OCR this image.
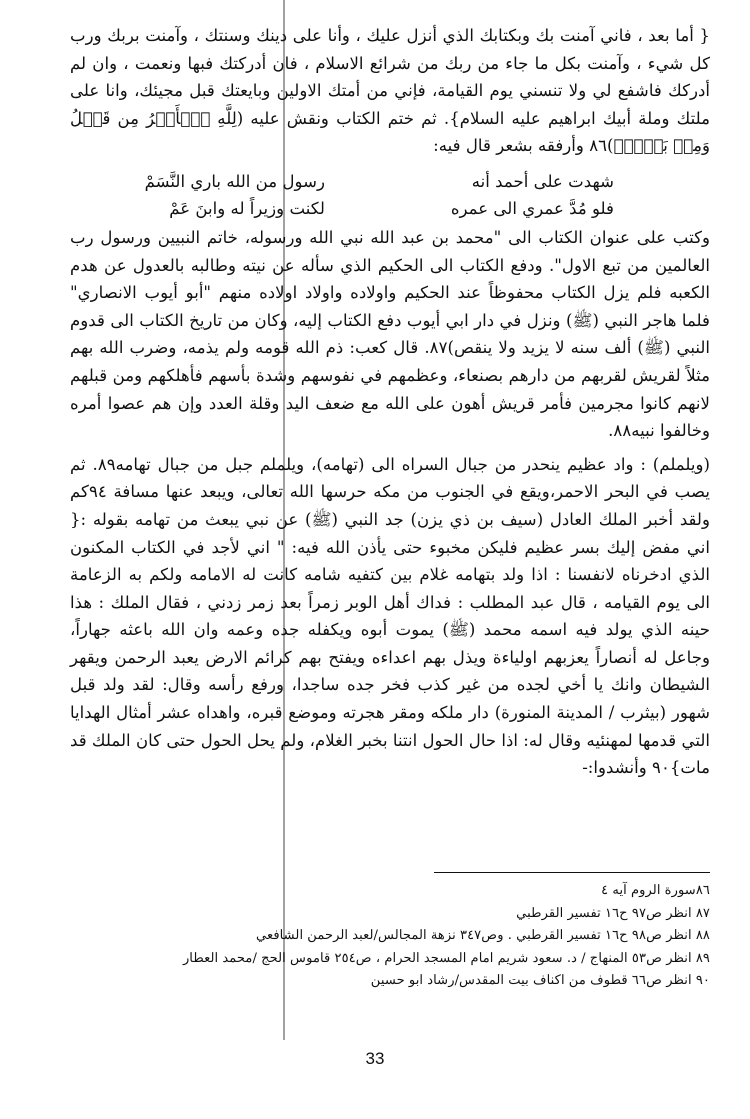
{ أما بعد ، فاني آمنت بك وبكتابك الذي أنزل عليك ، وأنا على دينك وسنتك ، وآمنت بربك ورب كل شيء ، وآمنت بكل ما جاء من ربك من شرائع الاسلام ، فان أدركتك فبها ونعمت ، وان لم أدركك فاشفع لي ولا تنسني يوم القيامة، فإني من أمتك الاولين وبايعتك قبل مجيئك، وانا على ملتك وملة أبيك ابراهيم عليه السلام}. ثم ختم الكتاب ونقش عليه (لِلَّهِ ٱلۡأَمۡرُ مِن قَبۡلُ وَمِنۢ بَعۡدُۚ)٨٦ وأرفقه بشعر قال فيه:

شهدت على أحمد أنه
رسول من الله باري النَّسَمْ
فلو مُدَّ عمري الى عمره
لكنت وزيراً له وابنَ عَمْ

وكتب على عنوان الكتاب الى "محمد بن عبد الله نبي الله ورسوله، خاتم النبيين ورسول رب العالمين من تبع الاول". ودفع الكتاب الى الحكيم الذي سأله عن نيته وطالبه بالعدول عن هدم الكعبه فلم يزل الكتاب محفوظاً عند الحكيم واولاده واولاد اولاده منهم "أبو أيوب الانصاري" فلما هاجر النبي (ﷺ) ونزل في دار ابي أيوب دفع الكتاب إليه، وكان من تاريخ الكتاب الى قدوم النبي (ﷺ) ألف سنه لا يزيد ولا ينقص)٨٧. قال كعب: ذم الله قومه ولم يذمه، وضرب الله بهم مثلاً لقريش لقربهم من دارهم بصنعاء، وعظمهم في نفوسهم وشدة بأسهم فأهلكهم ومن قبلهم لانهم كانوا مجرمين فأمر قريش أهون على الله مع ضعف اليد وقلة العدد وإن هم عصوا أمره وخالفوا نبيه٨٨.

(ويلملم) : واد عظيم ينحدر من جبال السراه الى (تهامه)، ويلملم جبل من جبال تهامه٨٩. ثم يصب في البحر الاحمر،ويقع في الجنوب من مكه حرسها الله تعالى، ويبعد عنها مسافة ٩٤كم ولقد أخبر الملك العادل (سيف بن ذي يزن) جد النبي (ﷺ) عن نبي يبعث من تهامه بقوله :{ اني مفض إليك بسر عظيم فليكن مخبوء حتى يأذن الله فيه: " اني لأجد في الكتاب المكنون الذي ادخرناه لانفسنا : اذا ولد بتهامه غلام بين كتفيه شامه كانت له الامامه ولكم به الزعامة الى يوم القيامه ، قال عبد المطلب : فداك أهل الوبر زمراً بعد زمر زدني ، فقال الملك : هذا حينه الذي يولد فيه اسمه محمد (ﷺ) يموت أبوه ويكفله جده وعمه وان الله باعثه جهاراً، وجاعل له أنصاراً يعزبهم اولياءة ويذل بهم اعداءه ويفتح بهم كرائم الارض يعبد الرحمن ويقهر الشيطان وانك يا أخي لجده من غير كذب فخر جده ساجدا، ورفع رأسه وقال: لقد ولد قبل شهور (بيثرب / المدينة المنورة) دار ملكه ومقر هجرته وموضع قبره، واهداه عشر أمثال الهدايا التي قدمها لمهنئيه وقال له: اذا حال الحول انتنا بخبر الغلام، ولم يحل الحول حتى كان الملك قد مات}٩٠ وأنشدوا:-

٨٦سورة الروم آيه ٤

٨٧ انظر ص٩٧ ح١٦ تفسير القرطبي

٨٨ انظر ص٩٨ ح١٦ تفسير القرطبي . وص٣٤٧ نزهة المجالس/لعبد الرحمن الشافعي

٨٩ انظر ص٥٣ المنهاج / د. سعود شريم امام المسجد الحرام ، ص٢٥٤ قاموس الحج /محمد العطار

٩٠ انظر ص٦٦ قطوف من اكناف بيت المقدس/رشاد ابو حسين

33
